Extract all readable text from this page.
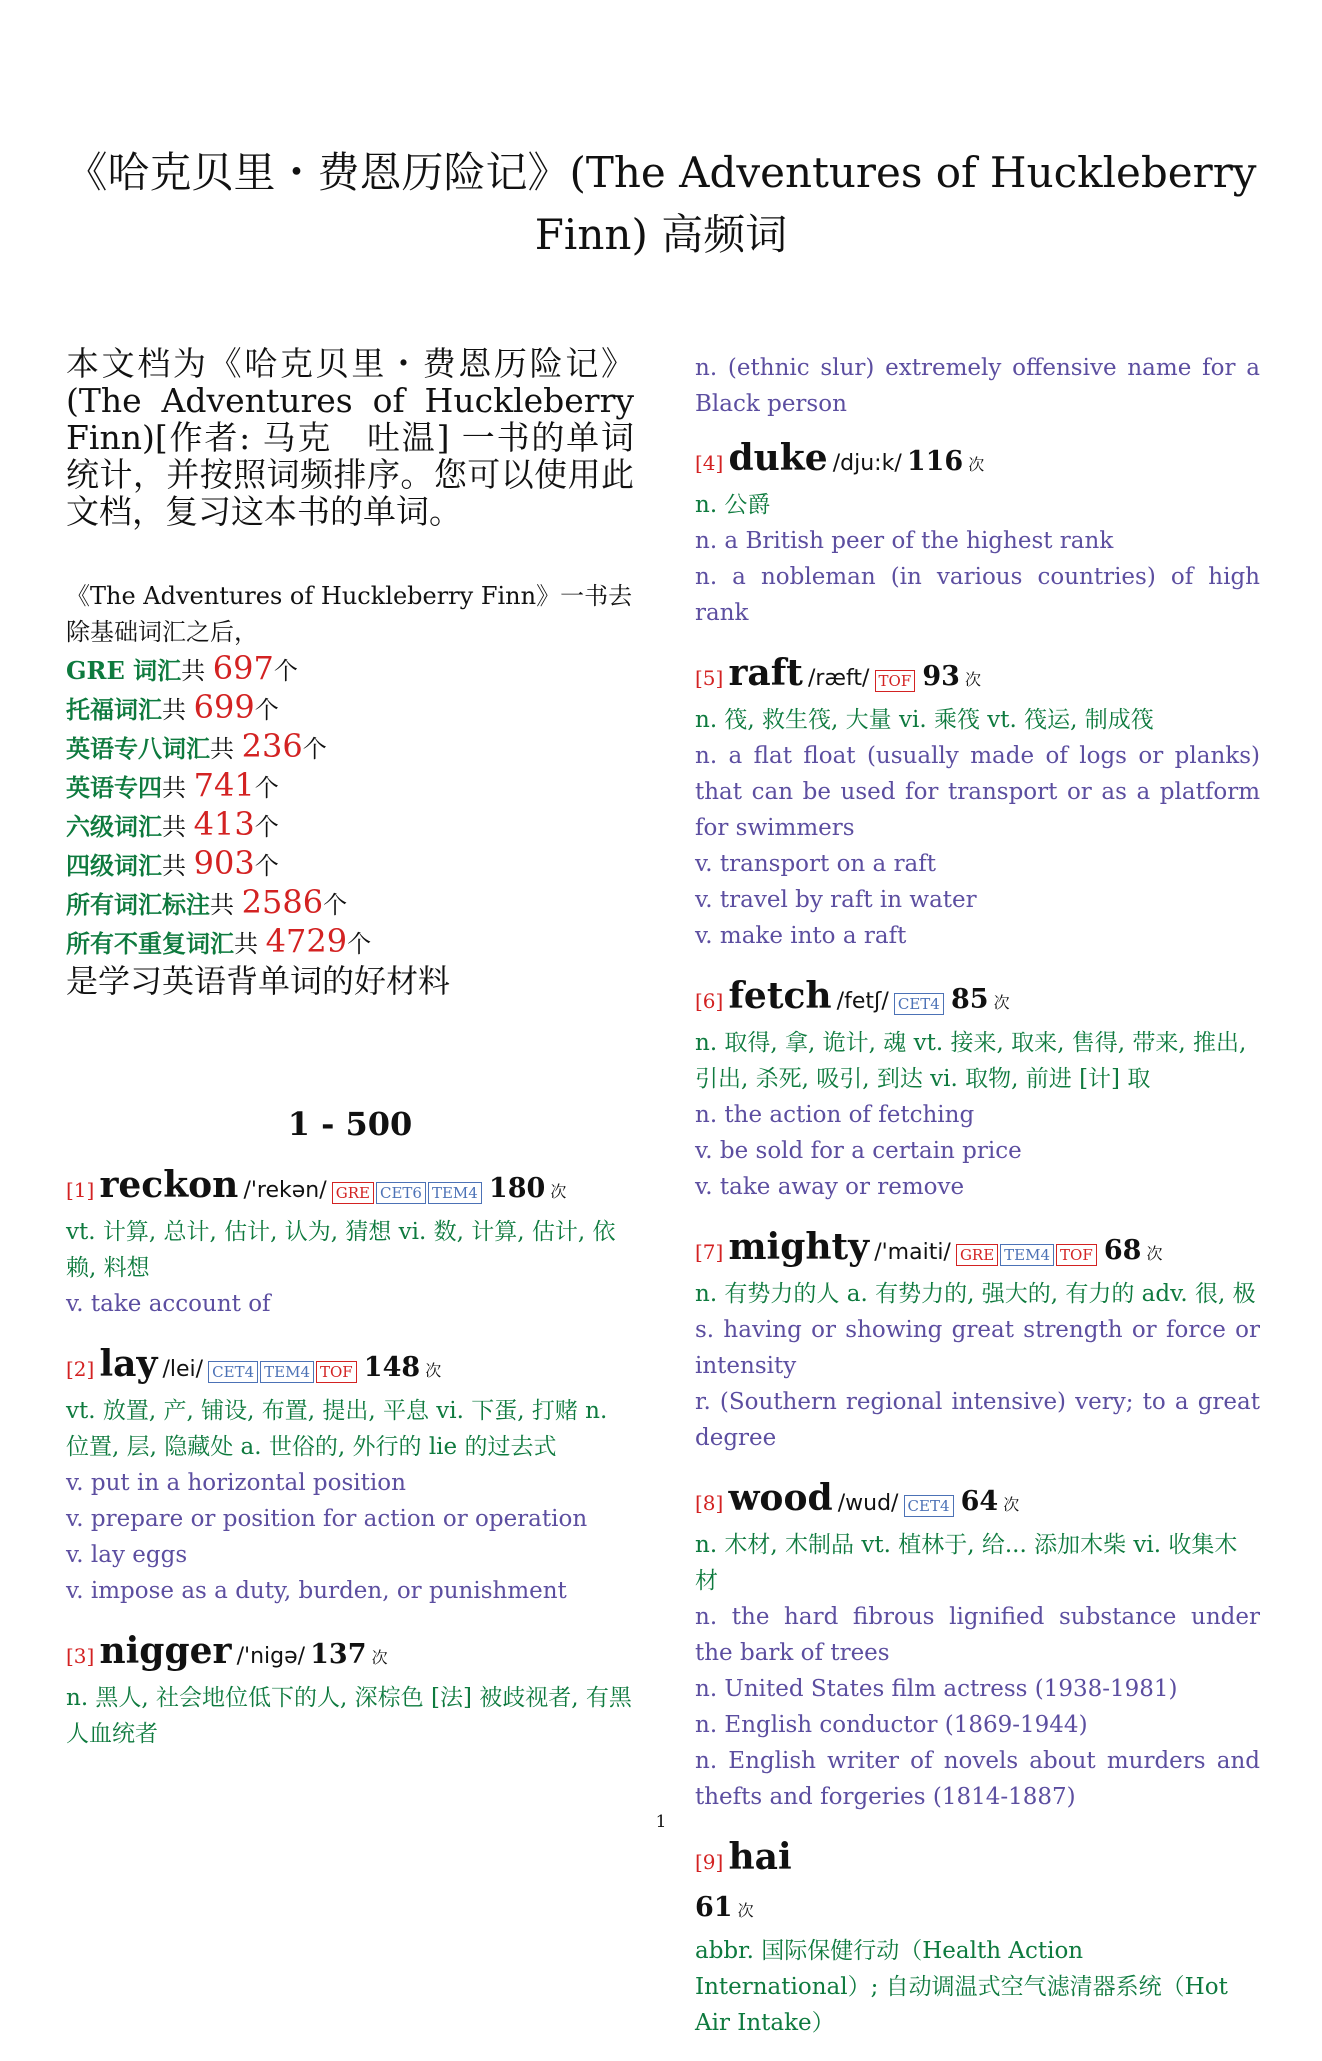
《哈克贝里・费恩历险记》(The Adventures of Huckleberry Finn) 高频词

本文档为《哈克贝里・费恩历险记》(The Adventures of Huckleberry Finn)[作者: 马克　吐温] 一书的单词统计，并按照词频排序。您可以使用此文档，复习这本书的单词。

《The Adventures of Huckleberry Finn》一书去除基础词汇之后，
GRE 词汇共 697个
托福词汇共 699个
英语专八词汇共 236个
英语专四共 741个
六级词汇共 413个
四级词汇共 903个
所有词汇标注共 2586个
所有不重复词汇共 4729个
是学习英语背单词的好材料
1 - 500
[1] reckon /'rekən/ GRE CET6 TEM4 180 次

vt. 计算, 总计, 估计, 认为, 猜想 vi. 数, 计算, 估计, 依赖, 料想

v. take account of

[2] lay /lei/ CET4 TEM4 TOF 148 次

vt. 放置, 产, 铺设, 布置, 提出, 平息 vi. 下蛋, 打赌 n. 位置, 层, 隐藏处 a. 世俗的, 外行的 lie 的过去式

v. put in a horizontal position

v. prepare or position for action or operation

v. lay eggs

v. impose as a duty, burden, or punishment

[3] nigger /'nigə/ 137 次

n. 黑人, 社会地位低下的人, 深棕色 [法] 被歧视者, 有黑人血统者

n. (ethnic slur) extremely offensive name for a Black person

[4] duke /dju:k/ 116 次

n. 公爵

n. a British peer of the highest rank

n. a nobleman (in various countries) of high rank

[5] raft /ræft/ TOF 93 次

n. 筏, 救生筏, 大量 vi. 乘筏 vt. 筏运, 制成筏

n. a flat float (usually made of logs or planks) that can be used for transport or as a platform for swimmers

v. transport on a raft

v. travel by raft in water

v. make into a raft

[6] fetch /fetʃ/ CET4 85 次

n. 取得, 拿, 诡计, 魂 vt. 接来, 取来, 售得, 带来, 推出, 引出, 杀死, 吸引, 到达 vi. 取物, 前进 [计] 取

n. the action of fetching

v. be sold for a certain price

v. take away or remove

[7] mighty /'maiti/ GRE TEM4 TOF 68 次

n. 有势力的人 a. 有势力的, 强大的, 有力的 adv. 很, 极

s. having or showing great strength or force or intensity

r. (Southern regional intensive) very; to a great degree

[8] wood /wud/ CET4 64 次

n. 木材, 木制品 vt. 植林于, 给... 添加木柴 vi. 收集木材

n. the hard fibrous lignified substance under the bark of trees

n. United States film actress (1938-1981)

n. English conductor (1869-1944)

n. English writer of novels about murders and thefts and forgeries (1814-1887)

[9] hai
61 次

abbr. 国际保健行动（Health Action International）; 自动调温式空气滤清器系统（Hot Air Intake）

1
